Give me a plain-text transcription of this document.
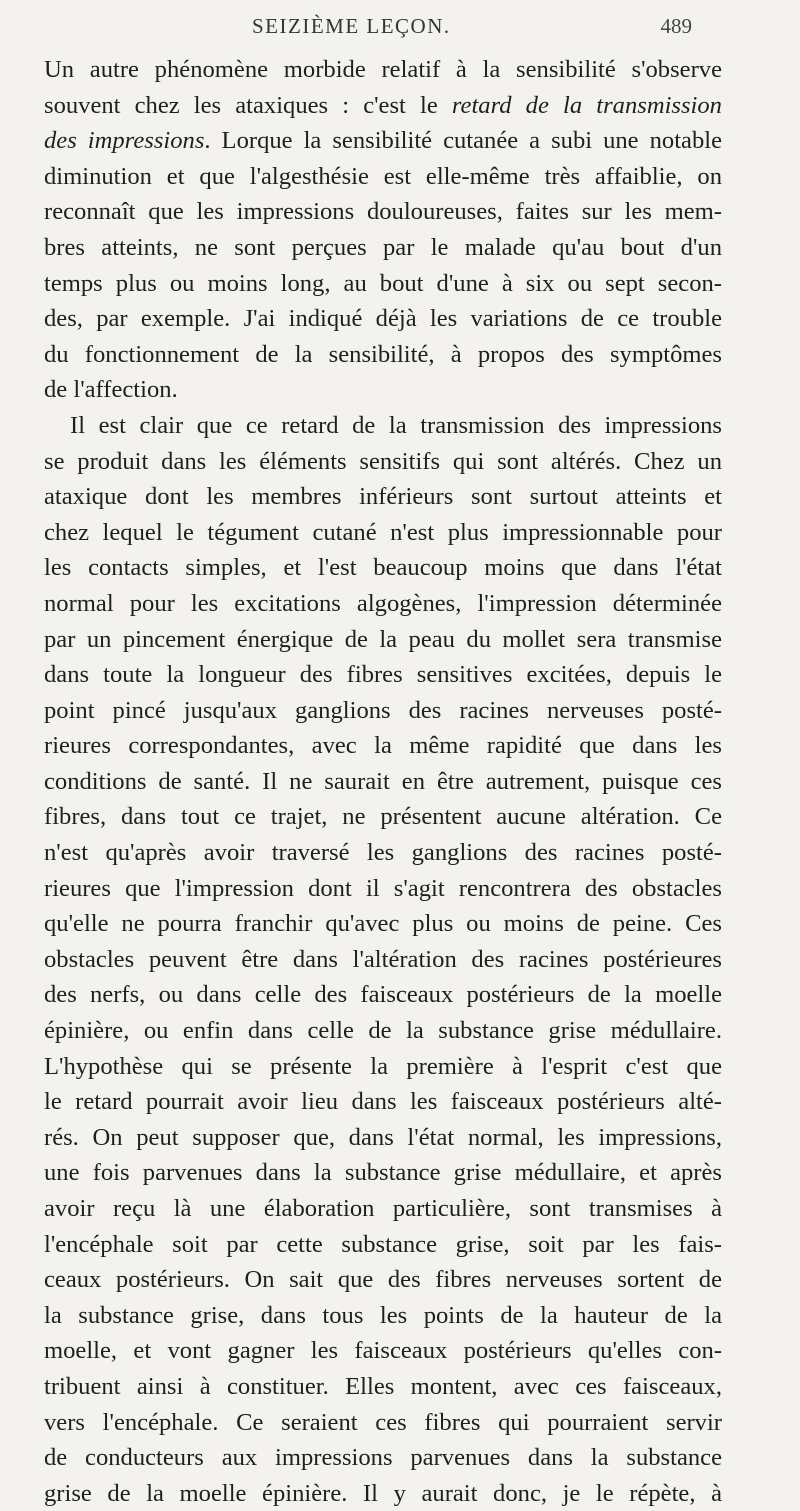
SEIZIÈME LEÇON.	489
Un autre phénomène morbide relatif à la sensibilité s'observe
souvent chez les ataxiques : c'est le retard de la transmission
des impressions. Lorque la sensibilité cutanée a subi une notable
diminution et que l'algesthésie est elle-même très affaiblie, on
reconnaît que les impressions douloureuses, faites sur les mem-
bres atteints, ne sont perçues par le malade qu'au bout d'un
temps plus ou moins long, au bout d'une à six ou sept secon-
des, par exemple. J'ai indiqué déjà les variations de ce trouble
du fonctionnement de la sensibilité, à propos des symptômes
de l'affection.
Il est clair que ce retard de la transmission des impressions
se produit dans les éléments sensitifs qui sont altérés. Chez un
ataxique dont les membres inférieurs sont surtout atteints et
chez lequel le tégument cutané n'est plus impressionnable pour
les contacts simples, et l'est beaucoup moins que dans l'état
normal pour les excitations algogènes, l'impression déterminée
par un pincement énergique de la peau du mollet sera transmise
dans toute la longueur des fibres sensitives excitées, depuis le
point pincé jusqu'aux ganglions des racines nerveuses posté-
rieures correspondantes, avec la même rapidité que dans les
conditions de santé. Il ne saurait en être autrement, puisque ces
fibres, dans tout ce trajet, ne présentent aucune altération. Ce
n'est qu'après avoir traversé les ganglions des racines posté-
rieures que l'impression dont il s'agit rencontrera des obstacles
qu'elle ne pourra franchir qu'avec plus ou moins de peine. Ces
obstacles peuvent être dans l'altération des racines postérieures
des nerfs, ou dans celle des faisceaux postérieurs de la moelle
épinière, ou enfin dans celle de la substance grise médullaire.
L'hypothèse qui se présente la première à l'esprit c'est que
le retard pourrait avoir lieu dans les faisceaux postérieurs alté-
rés. On peut supposer que, dans l'état normal, les impressions,
une fois parvenues dans la substance grise médullaire, et après
avoir reçu là une élaboration particulière, sont transmises à
l'encéphale soit par cette substance grise, soit par les fais-
ceaux postérieurs. On sait que des fibres nerveuses sortent de
la substance grise, dans tous les points de la hauteur de la
moelle, et vont gagner les faisceaux postérieurs qu'elles con-
tribuent ainsi à constituer. Elles montent, avec ces faisceaux,
vers l'encéphale. Ce seraient ces fibres qui pourraient servir
de conducteurs aux impressions parvenues dans la substance
grise de la moelle épinière. Il y aurait donc, je le répète, à
